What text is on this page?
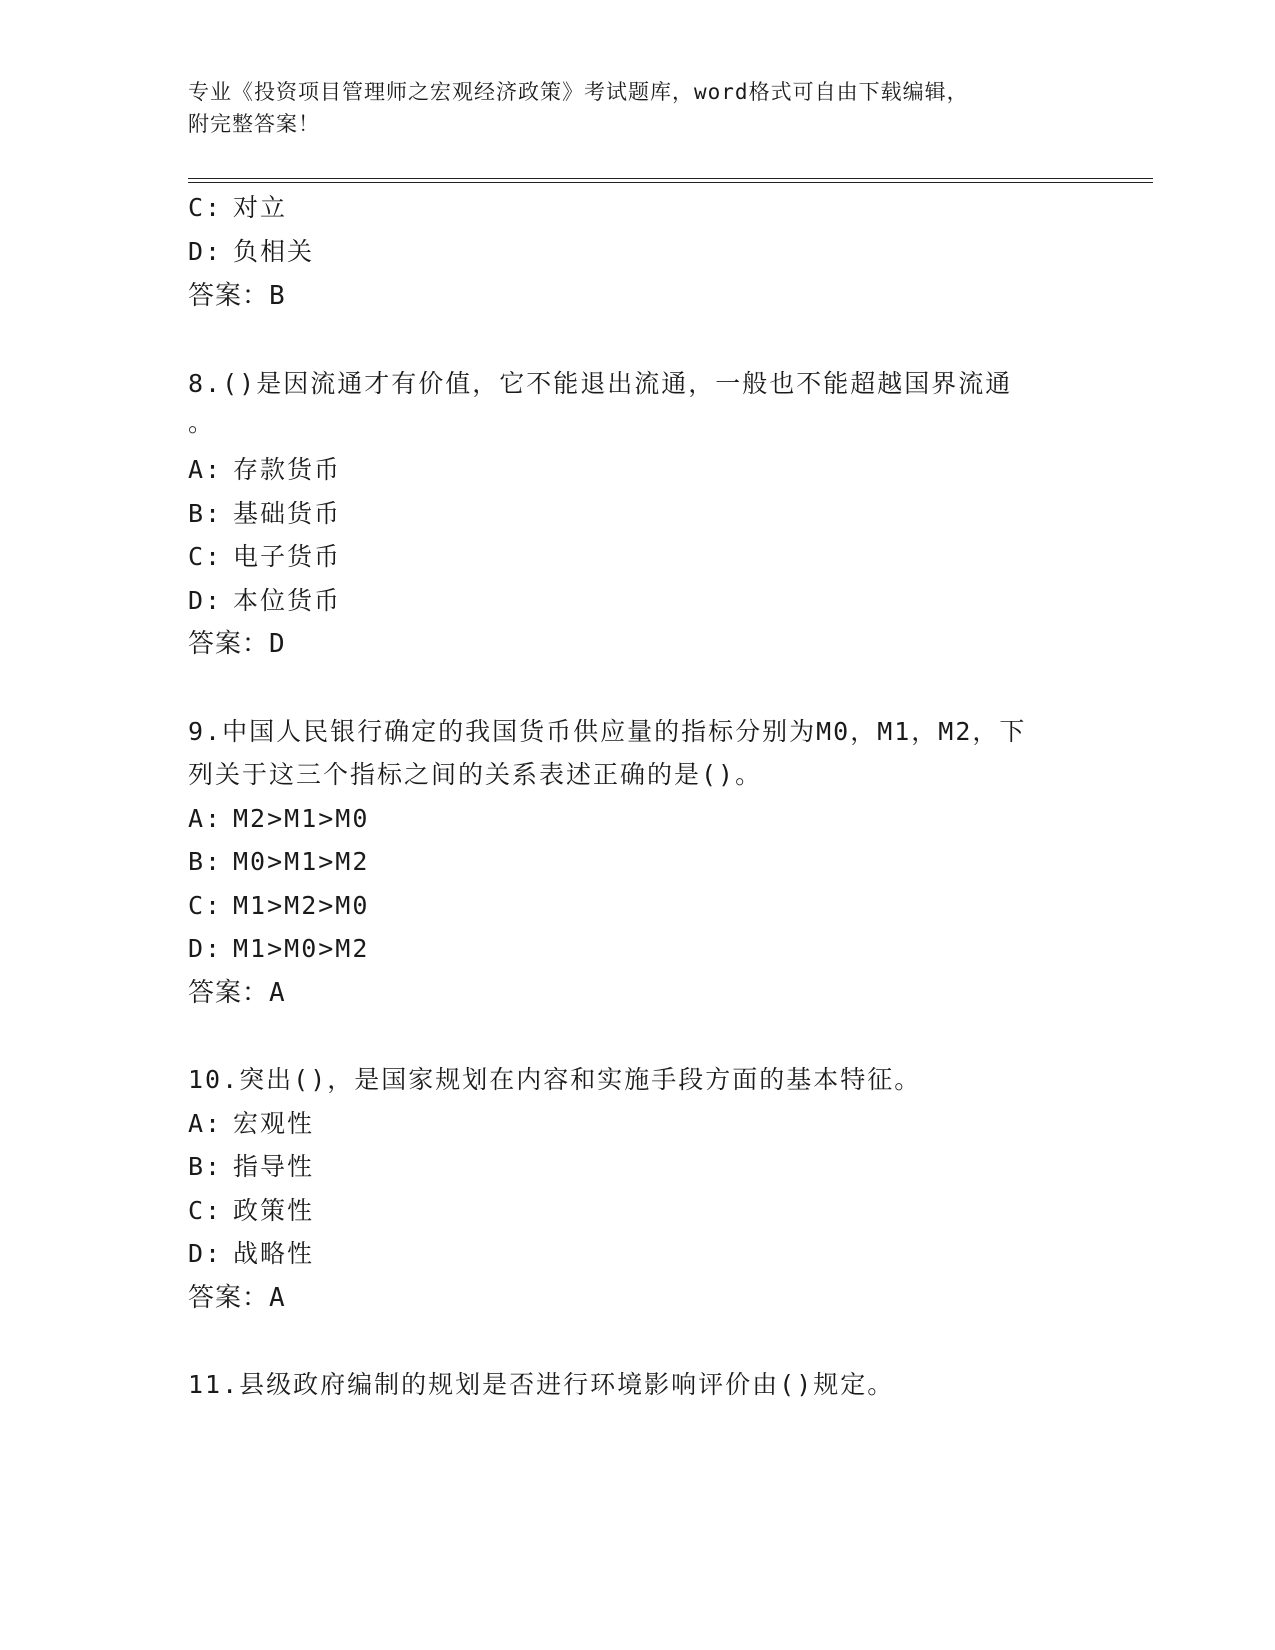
专业《投资项目管理师之宏观经济政策》考试题库，word格式可自由下载编辑，
附完整答案！
C: 对立
D: 负相关
答案：B
8.()是因流通才有价值，它不能退出流通，一般也不能超越国界流通
。
A: 存款货币
B: 基础货币
C: 电子货币
D: 本位货币
答案：D
9.中国人民银行确定的我国货币供应量的指标分别为M0，M1，M2，下
列关于这三个指标之间的关系表述正确的是()。
A: M2>M1>M0
B: M0>M1>M2
C: M1>M2>M0
D: M1>M0>M2
答案：A
10.突出()，是国家规划在内容和实施手段方面的基本特征。
A: 宏观性
B: 指导性
C: 政策性
D: 战略性
答案：A
11.县级政府编制的规划是否进行环境影响评价由()规定。
